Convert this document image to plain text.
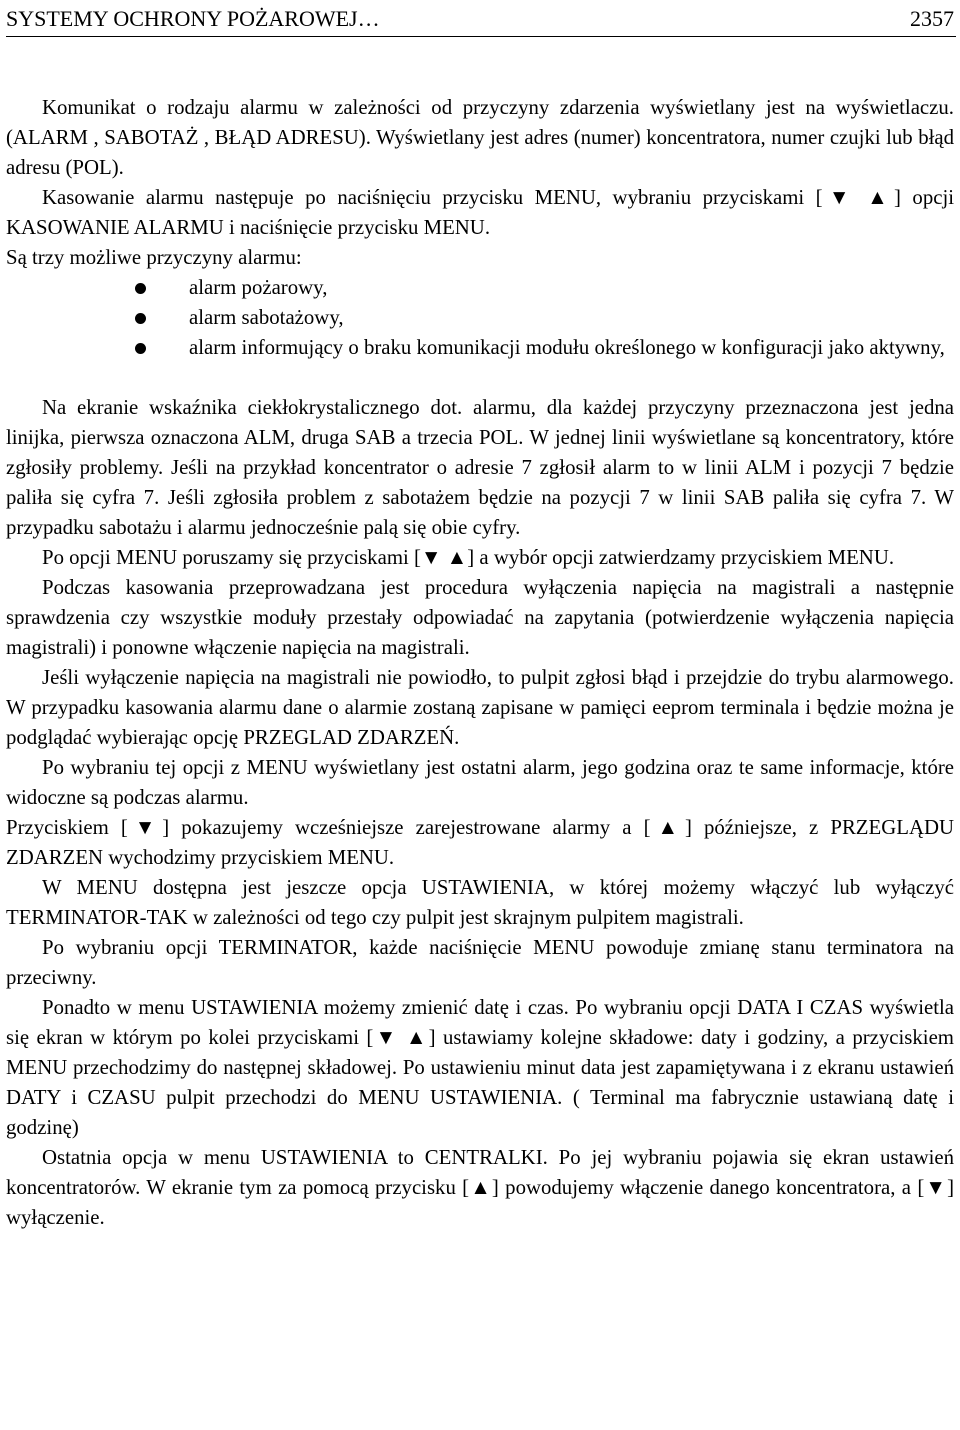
SYSTEMY OCHRONY POŻAROWEJ…	2357

Komunikat o rodzaju alarmu w zależności od przyczyny zdarzenia wyświetlany jest na wyświetlaczu. (ALARM , SABOTAŻ , BŁĄD ADRESU). Wyświetlany jest adres (numer) koncentratora, numer czujki lub błąd adresu (POL).

Kasowanie alarmu następuje po naciśnięciu przycisku MENU, wybraniu przyciskami [▼ ▲] opcji KASOWANIE ALARMU i naciśnięcie przycisku MENU.

Są trzy możliwe przyczyny alarmu:

alarm pożarowy,
alarm sabotażowy,
alarm informujący o braku komunikacji modułu określonego w konfiguracji jako aktywny,

Na ekranie wskaźnika ciekłokrystalicznego dot. alarmu, dla każdej przyczyny przeznaczona jest jedna linijka, pierwsza oznaczona ALM, druga SAB a trzecia POL. W jednej linii wyświetlane są koncentratory, które zgłosiły problemy. Jeśli na przykład koncentrator o adresie 7 zgłosił alarm to w linii ALM i pozycji 7 będzie paliła się cyfra 7. Jeśli zgłosiła problem z sabotażem będzie na pozycji 7 w linii SAB paliła się cyfra 7. W przypadku sabotażu i alarmu jednocześnie palą się obie cyfry.

Po opcji MENU poruszamy się przyciskami [▼ ▲] a wybór opcji zatwierdzamy przyciskiem MENU.

Podczas kasowania przeprowadzana jest procedura wyłączenia napięcia na magistrali a następnie sprawdzenia czy wszystkie moduły przestały odpowiadać na zapytania (potwierdzenie wyłączenia napięcia magistrali) i ponowne włączenie napięcia na magistrali.

Jeśli wyłączenie napięcia na magistrali nie powiodło, to pulpit zgłosi błąd i przejdzie do trybu alarmowego. W przypadku kasowania alarmu dane o alarmie zostaną zapisane w pamięci eeprom terminala i będzie można je podglądać wybierając opcję PRZEGLAD ZDARZEŃ.

Po wybraniu tej opcji z MENU wyświetlany jest ostatni alarm, jego godzina oraz te same informacje, które widoczne są podczas alarmu.

Przyciskiem [▼] pokazujemy wcześniejsze zarejestrowane alarmy a [▲] późniejsze, z PRZEGLĄDU ZDARZEN wychodzimy przyciskiem MENU.

W MENU dostępna jest jeszcze opcja USTAWIENIA, w której możemy włączyć lub wyłączyć TERMINATOR-TAK w zależności od tego czy pulpit jest skrajnym pulpitem magistrali.

Po wybraniu opcji TERMINATOR, każde naciśnięcie MENU powoduje zmianę stanu terminatora na przeciwny.

Ponadto w menu USTAWIENIA możemy zmienić datę i czas. Po wybraniu opcji DATA I CZAS wyświetla się ekran w którym po kolei przyciskami [▼ ▲] ustawiamy kolejne składowe: daty i godziny, a przyciskiem MENU przechodzimy do następnej składowej. Po ustawieniu minut data jest zapamiętywana i z ekranu ustawień DATY i CZASU pulpit przechodzi do MENU USTAWIENIA. ( Terminal ma fabrycznie ustawianą datę i godzinę)

Ostatnia opcja w menu USTAWIENIA to CENTRALKI. Po jej wybraniu pojawia się ekran ustawień koncentratorów. W ekranie tym za pomocą przycisku [▲] powodujemy włączenie danego koncentratora, a [▼] wyłączenie.
